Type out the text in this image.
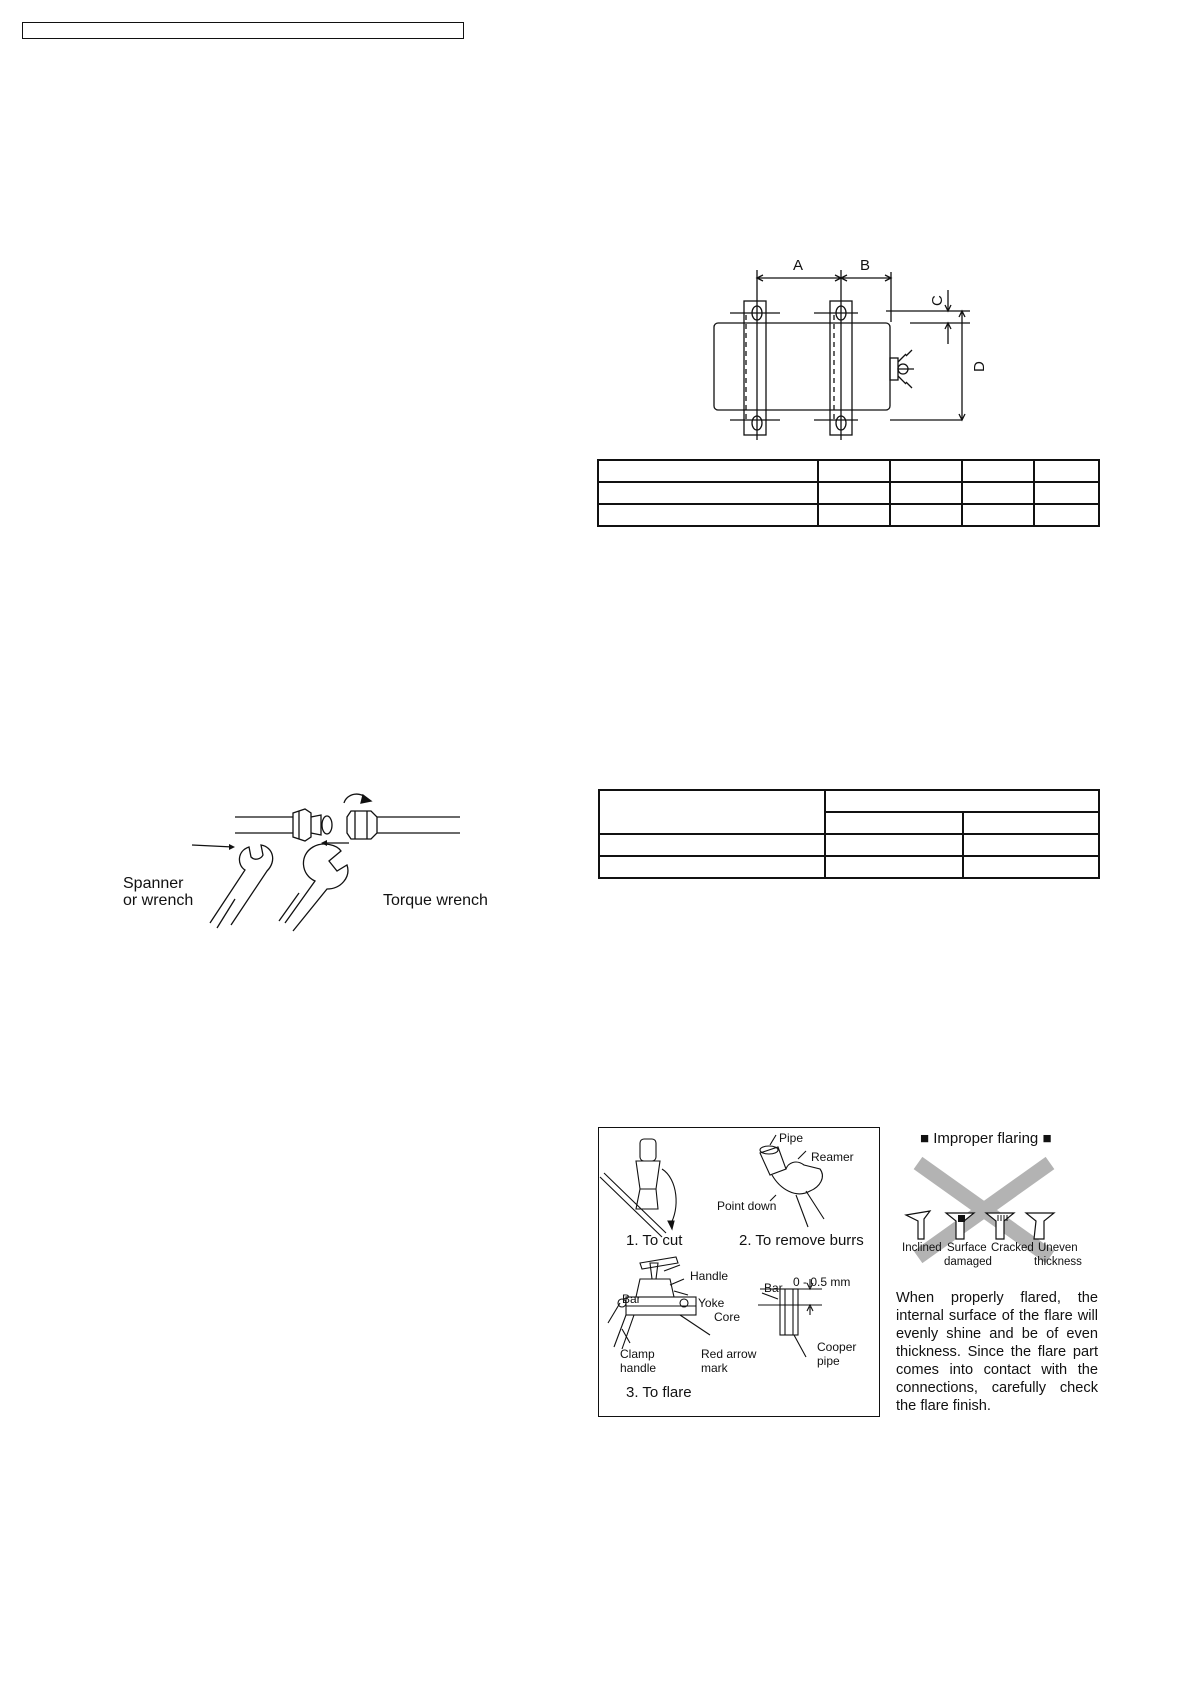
A	B
C
D

Spanner
or wrench	Torque wrench
Pipe
Reamer
Point down
1. To cut	2. To remove burrs
Handle
Bar	Yoke
Core
Clamp
handle
Red arrow
mark
3. To flare
Bar 0 - 0.5 mm
Cooper
pipe
■ Improper flaring ■
Inclined Surface
damaged
Cracked Uneven
thickness
When properly flared, the internal surface of the flare will evenly shine and be of even thickness. Since the flare part comes into contact with the connections, carefully check the flare finish.
